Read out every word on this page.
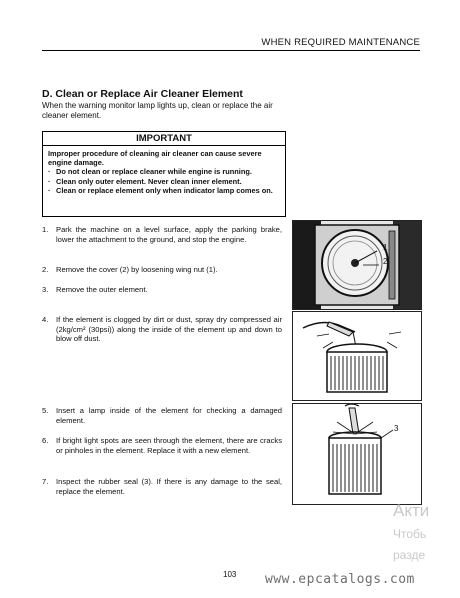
WHEN REQUIRED MAINTENANCE
D. Clean or Replace Air Cleaner Element
When the warning monitor lamp lights up, clean or replace the air cleaner element.
IMPORTANT
Improper procedure of cleaning air cleaner can cause severe engine damage.
· Do not clean or replace cleaner while engine is running.
· Clean only outer element. Never clean inner element.
· Clean or replace element only when indicator lamp comes on.
1.	Park the machine on a level surface, apply the parking brake, lower the attachment to the ground, and stop the engine.
2.	Remove the cover (2) by loosening wing nut (1).
3.	Remove the outer element.
4.	If the element is clogged by dirt or dust, spray dry compressed air (2kg/cm² (30psi)) along the inside of the element up and down to blow off dust.
5.	Insert a lamp inside of the element for checking a damaged element.
6.	If bright light spots are seen through the element, there are cracks or pinholes in the element. Replace it with a new element.
7.	Inspect the rubber seal (3). If there is any damage to the seal, replace the element.
1
2
3
103 www.epcatalogs.com
Акти
Чтобь
разде
